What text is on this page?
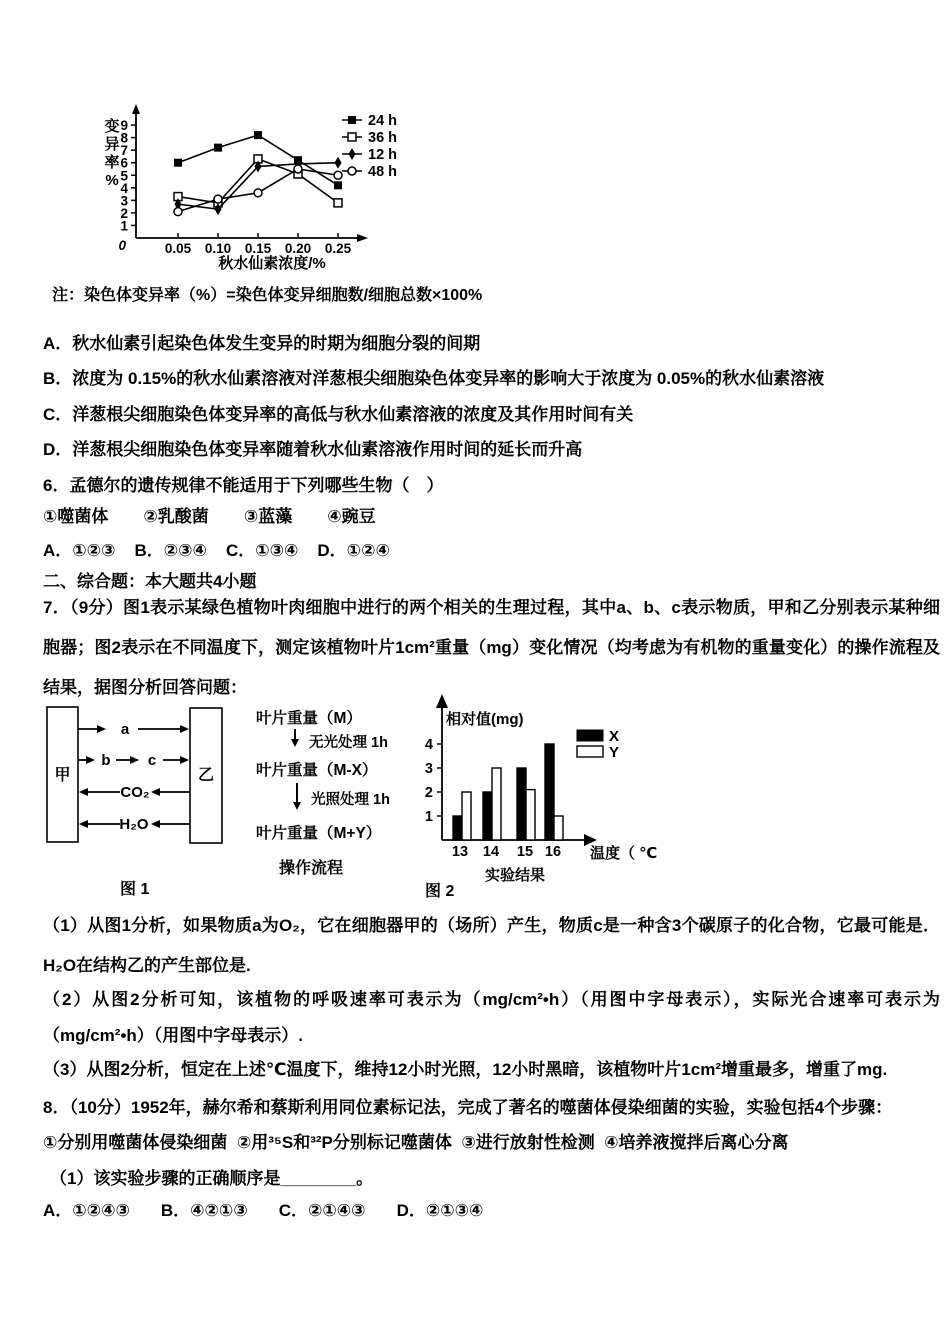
1
2
3
4
5
6
7
8
9
0	0.05 0.10 0.15 0.20 0.25
变
异
率
%
秋水仙素浓度/%
24 h
36 h
12 h
48 h
注：染色体变异率（%）=染色体变异细胞数/细胞总数×100%
A．秋水仙素引起染色体发生变异的时期为细胞分裂的间期
B．浓度为 0.15%的秋水仙素溶液对洋葱根尖细胞染色体变异率的影响大于浓度为 0.05%的秋水仙素溶液
C．洋葱根尖细胞染色体变异率的高低与秋水仙素溶液的浓度及其作用时间有关
D．洋葱根尖细胞染色体变异率随着秋水仙素溶液作用时间的延长而升高
6．孟德尔的遗传规律不能适用于下列哪些生物（　）
①噬菌体 ②乳酸菌 ③蓝藻 ④豌豆
A．①②③ B．②③④ C．①③④ D．①②④
二、综合题：本大题共4小题
7．（9分）图1表示某绿色植物叶肉细胞中进行的两个相关的生理过程，其中a、b、c表示物质，甲和乙分别表示某种细胞器；图2表示在不同温度下，测定该植物叶片1cm²重量（mg）变化情况（均考虑为有机物的重量变化）的操作流程及结果，据图分析回答问题：
甲	乙
a
b c
CO₂
H₂O
图 1
叶片重量（M）
无光处理 1h
叶片重量（M-X）
光照处理 1h
叶片重量（M+Y）
操作流程
1
2
3
4
13 14 15 16
X
Y
相对值(mg)
温度（ ℃
实验结果
图 2
（1）从图1分析，如果物质a为O₂，它在细胞器甲的（场所）产生，物质c是一种含3个碳原子的化合物，它最可能是．H₂O在结构乙的产生部位是.
（2）从图2分析可知，该植物的呼吸速率可表示为（mg/cm²•h）（用图中字母表示），实际光合速率可表示为（mg/cm²•h）（用图中字母表示）.
（3）从图2分析，恒定在上述℃温度下，维持12小时光照，12小时黑暗，该植物叶片1cm²增重最多，增重了mg.
8．（10分）1952年，赫尔希和蔡斯利用同位素标记法，完成了著名的噬菌体侵染细菌的实验，实验包括4个步骤：
①分别用噬菌体侵染细菌  ②用³⁵S和³²P分别标记噬菌体  ③进行放射性检测  ④培养液搅拌后离心分离
（1）该实验步骤的正确顺序是________。
A．①②④③ B．④②①③ C．②①④③ D．②①③④
